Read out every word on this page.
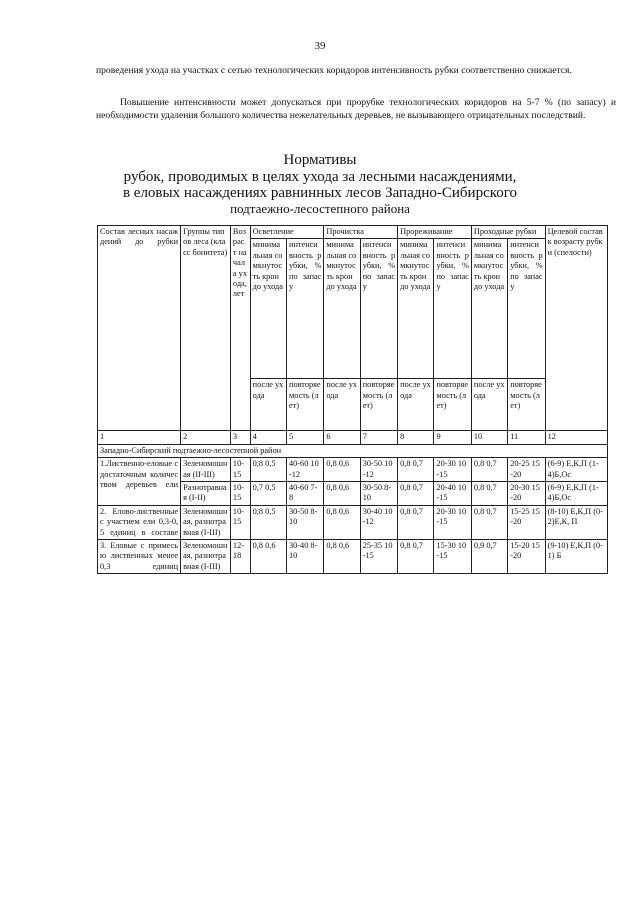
39
проведения ухода на участках с сетью технологических коридоров интенсивность рубки соответственно снижается.
Повышение интенсивности может допускаться при прорубке технологических коридоров на 5-7 % (по запасу) и необходимости удаления большого количества нежелательных деревьев, не вызывающего отрицательных последствий.
Нормативы
рубок, проводимых в целях ухода за лесными насаждениями,
в еловых насаждениях равнинных лесов Западно-Сибирского
подтаежно-лесостепного района
Состав лесных насаждений до рубки	Группы типов леса (класс бонитета)	Возраст начала ухода, лет	Осветление		Прочистка		Прореживание		Проходные рубки		Целевой состав к возрасту рубки (спелости)
			минимальная сомкнутость крон до ухода	интенсивность рубки, % по запасу	минимальная сомкнутость крон до ухода	интенсивность рубки, % по запасу	минимальная сомкнутость крон до ухода	интенсивность рубки, % по запасу	минимальная сомкнутость крон до ухода	интенсивность рубки, % по запасу	
			после ухода	повторяемость (лет)	после ухода	повторяемость (лет)	после ухода	повторяемость (лет)	после ухода	повторяемость (лет)	
1	2	3	4	5	6	7	8	9	10	11	12
Западно-Сибирский подтаежно-лесостепной район											
1.Лиственно-еловые с достаточным количеством деревьев ели	Зеленомошная (II-III)	10-15	0,8 0,5	40-60 10-12	0,8 0,6	30-50 10-12	0,8 0,7	20-30 10-15	0,8 0,7	20-25 15-20	(6-9) Е,К,П (1-4)Б,Ос
	Разнотравная (I-II)	10-15	0,7 0,5	40-60 7-8	0,8 0,6	30-50 8-10	0,8 0,7	20-40 10-15	0,8 0,7	20-30 15-20	(6-9) Е,К,П (1-4)Б,Ос
2. Елово-лиственные с участием ели 0,3-0,5 единиц в составе	Зеленомошная, разнотравная (I-III)	10-15	0,8 0,5	30-50 8-10	0,8 0,6	30-40 10-12	0,8 0,7	20-30 10-15	0,8 0,7	15-25 15-20	(8-10) Е,К,П (0-2)Е,К, П
3. Еловые с примесью лиственных менее 0,3 единиц	Зеленомошная, разнотравная (I-III)	12-18	0,8 0,6	30-40 8-10	0,8 0,6	25-35 10-15	0,8 0,7	15-30 10-15	0,9 0,7	15-20 15-20	(9-10) Е,К,П (0-1) Б
